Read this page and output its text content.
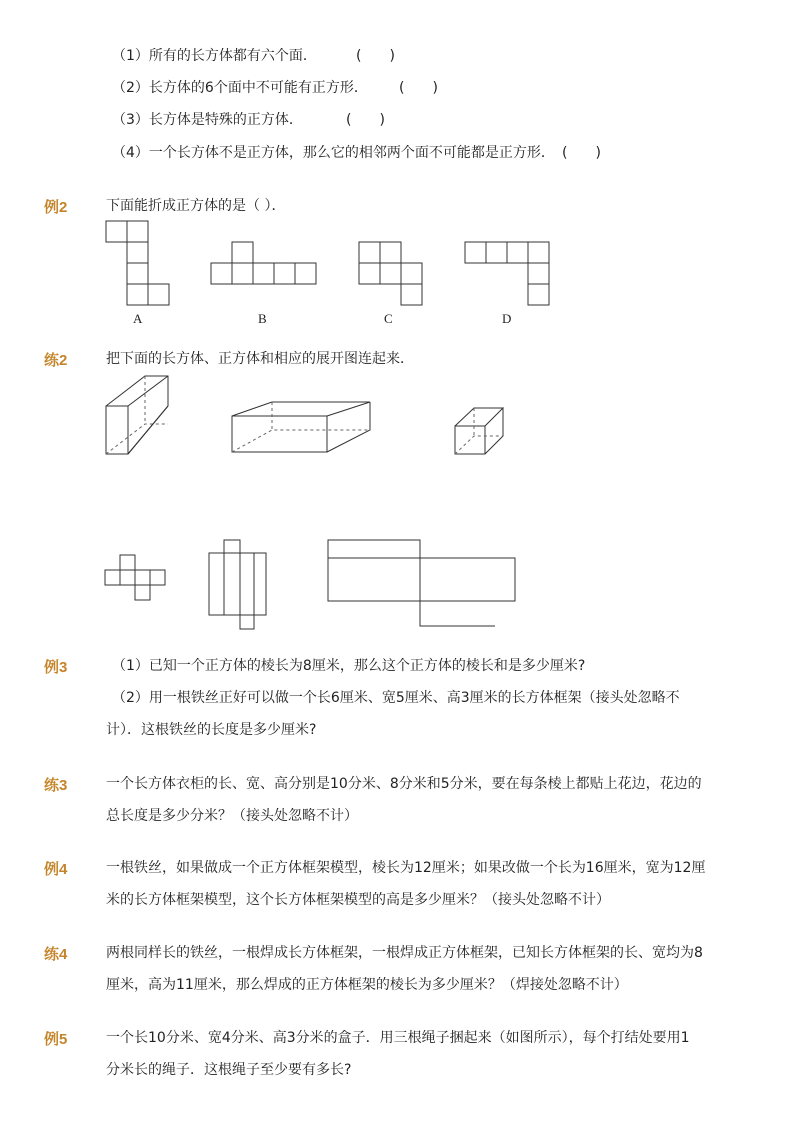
（1）所有的长方体都有六个面．	(　　)
（2）长方体的6个面中不可能有正方形． (　　)
（3）长方体是特殊的正方体．	(　　)
（4）一个长方体不是正方体，那么它的相邻两个面不可能都是正方形． (　　)
例2	下面能折成正方体的是（ ）．
A	B	C	D
练2	把下面的长方体、正方体和相应的展开图连起来．
例3	（1）已知一个正方体的棱长为8厘米，那么这个正方体的棱长和是多少厘米?
（2）用一根铁丝正好可以做一个长6厘米、宽5厘米、高3厘米的长方体框架（接头处忽略不
计）．这根铁丝的长度是多少厘米?
练3	一个长方体衣柜的长、宽、高分别是10分米、8分米和5分米，要在每条棱上都贴上花边，花边的
总长度是多少分米？（接头处忽略不计）
例4	一根铁丝，如果做成一个正方体框架模型，棱长为12厘米；如果改做一个长为16厘米，宽为12厘
米的长方体框架模型，这个长方体框架模型的高是多少厘米？（接头处忽略不计）
练4	两根同样长的铁丝，一根焊成长方体框架，一根焊成正方体框架，已知长方体框架的长、宽均为8
厘米，高为11厘米，那么焊成的正方体框架的棱长为多少厘米？（焊接处忽略不计）
例5	一个长10分米、宽4分米、高3分米的盒子．用三根绳子捆起来（如图所示），每个打结处要用1
分米长的绳子．这根绳子至少要有多长?
